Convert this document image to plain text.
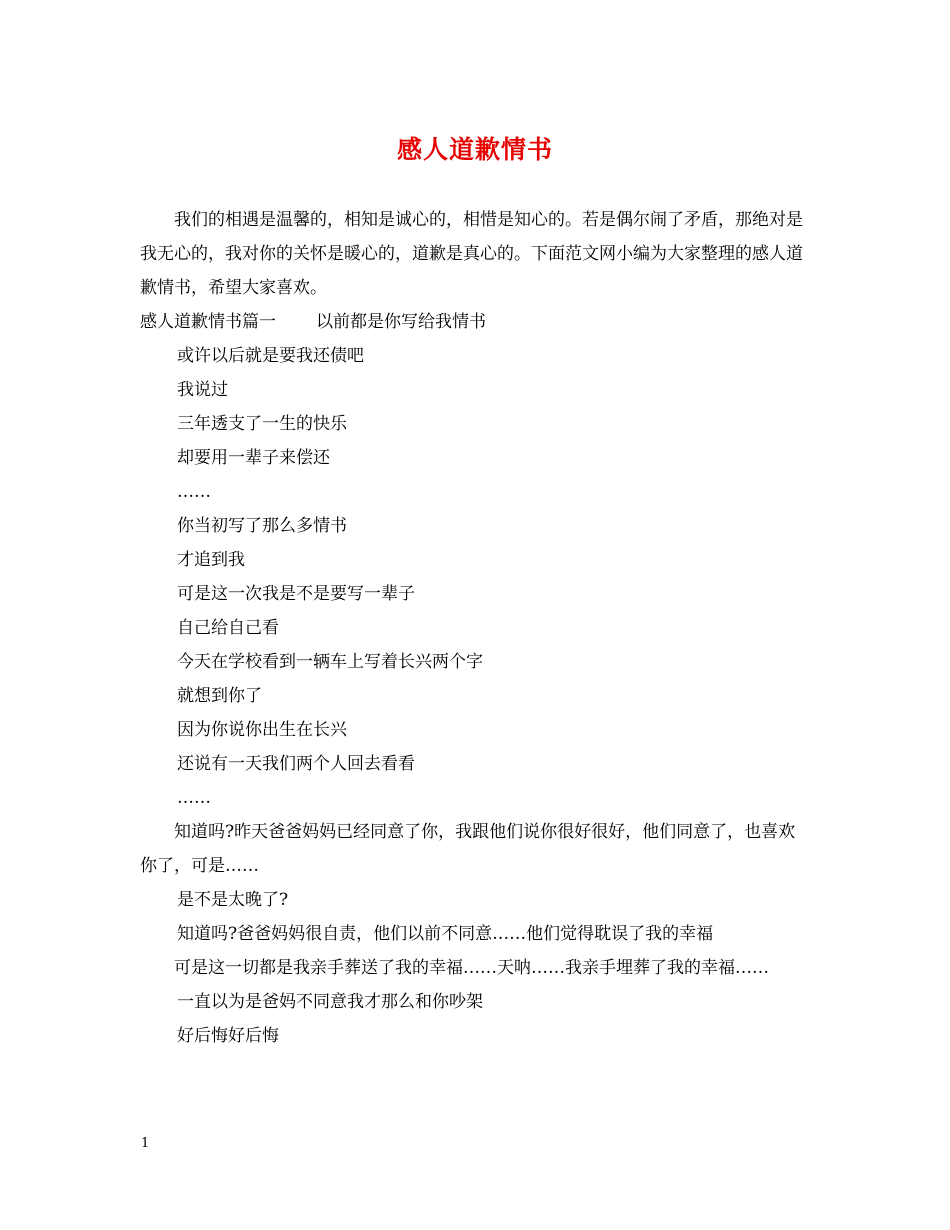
感人道歉情书

我们的相遇是温馨的，相知是诚心的，相惜是知心的。若是偶尔闹了矛盾，那绝对是我无心的，我对你的关怀是暖心的，道歉是真心的。下面范文网小编为大家整理的感人道歉情书，希望大家喜欢。

感人道歉情书篇一 以前都是你写给我情书

或许以后就是要我还债吧

我说过

三年透支了一生的快乐

却要用一辈子来偿还

……

你当初写了那么多情书

才追到我

可是这一次我是不是要写一辈子

自己给自己看

今天在学校看到一辆车上写着长兴两个字

就想到你了

因为你说你出生在长兴

还说有一天我们两个人回去看看

……

知道吗?昨天爸爸妈妈已经同意了你，我跟他们说你很好很好，他们同意了，也喜欢你了，可是……

是不是太晚了?

知道吗?爸爸妈妈很自责，他们以前不同意……他们觉得耽误了我的幸福

可是这一切都是我亲手葬送了我的幸福……天呐……我亲手埋葬了我的幸福……

一直以为是爸妈不同意我才那么和你吵架

好后悔好后悔

1
